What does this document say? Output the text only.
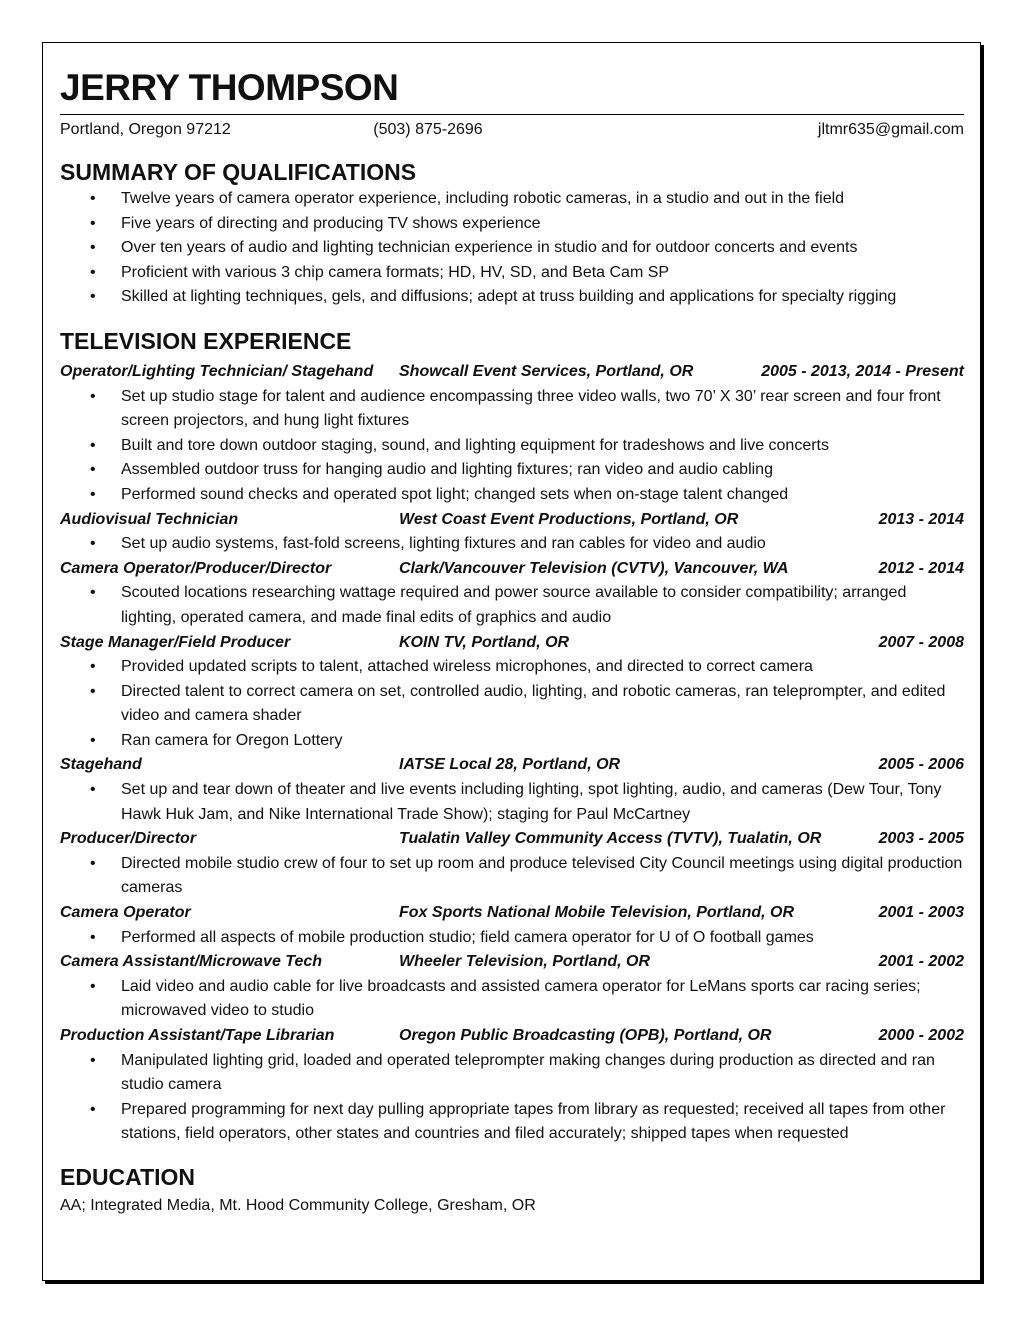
JERRY THOMPSON
Portland, Oregon 97212	(503) 875-2696	jltmr635@gmail.com
SUMMARY OF QUALIFICATIONS
• Twelve years of camera operator experience, including robotic cameras, in a studio and out in the field
• Five years of directing and producing TV shows experience
• Over ten years of audio and lighting technician experience in studio and for outdoor concerts and events
• Proficient with various 3 chip camera formats; HD, HV, SD, and Beta Cam SP
• Skilled at lighting techniques, gels, and diffusions; adept at truss building and applications for specialty rigging
TELEVISION EXPERIENCE
Operator/Lighting Technician/ Stagehand	Showcall Event Services, Portland, OR	2005 - 2013, 2014 - Present
• Set up studio stage for talent and audience encompassing three video walls, two 70’ X 30’ rear screen and four front screen projectors, and hung light fixtures
• Built and tore down outdoor staging, sound, and lighting equipment for tradeshows and live concerts
• Assembled outdoor truss for hanging audio and lighting fixtures; ran video and audio cabling
• Performed sound checks and operated spot light; changed sets when on-stage talent changed
Audiovisual Technician	West Coast Event Productions, Portland, OR	2013 - 2014
• Set up audio systems, fast-fold screens, lighting fixtures and ran cables for video and audio
Camera Operator/Producer/Director	Clark/Vancouver Television (CVTV), Vancouver, WA	2012 - 2014
• Scouted locations researching wattage required and power source available to consider compatibility; arranged lighting, operated camera, and made final edits of graphics and audio
Stage Manager/Field Producer	KOIN TV, Portland, OR	2007 - 2008
• Provided updated scripts to talent, attached wireless microphones, and directed to correct camera
• Directed talent to correct camera on set, controlled audio, lighting, and robotic cameras, ran teleprompter, and edited video and camera shader
• Ran camera for Oregon Lottery
Stagehand	IATSE Local 28, Portland, OR	2005 - 2006
• Set up and tear down of theater and live events including lighting, spot lighting, audio, and cameras (Dew Tour, Tony Hawk Huk Jam, and Nike International Trade Show); staging for Paul McCartney
Producer/Director	Tualatin Valley Community Access (TVTV), Tualatin, OR	2003 - 2005
• Directed mobile studio crew of four to set up room and produce televised City Council meetings using digital production cameras
Camera Operator	Fox Sports National Mobile Television, Portland, OR	2001 - 2003
• Performed all aspects of mobile production studio; field camera operator for U of O football games
Camera Assistant/Microwave Tech	Wheeler Television, Portland, OR	2001 - 2002
• Laid video and audio cable for live broadcasts and assisted camera operator for LeMans sports car racing series; microwaved video to studio
Production Assistant/Tape Librarian	Oregon Public Broadcasting (OPB), Portland, OR	2000 - 2002
• Manipulated lighting grid, loaded and operated teleprompter making changes during production as directed and ran studio camera
• Prepared programming for next day pulling appropriate tapes from library as requested; received all tapes from other stations, field operators, other states and countries and filed accurately; shipped tapes when requested
EDUCATION
AA; Integrated Media, Mt. Hood Community College, Gresham, OR
